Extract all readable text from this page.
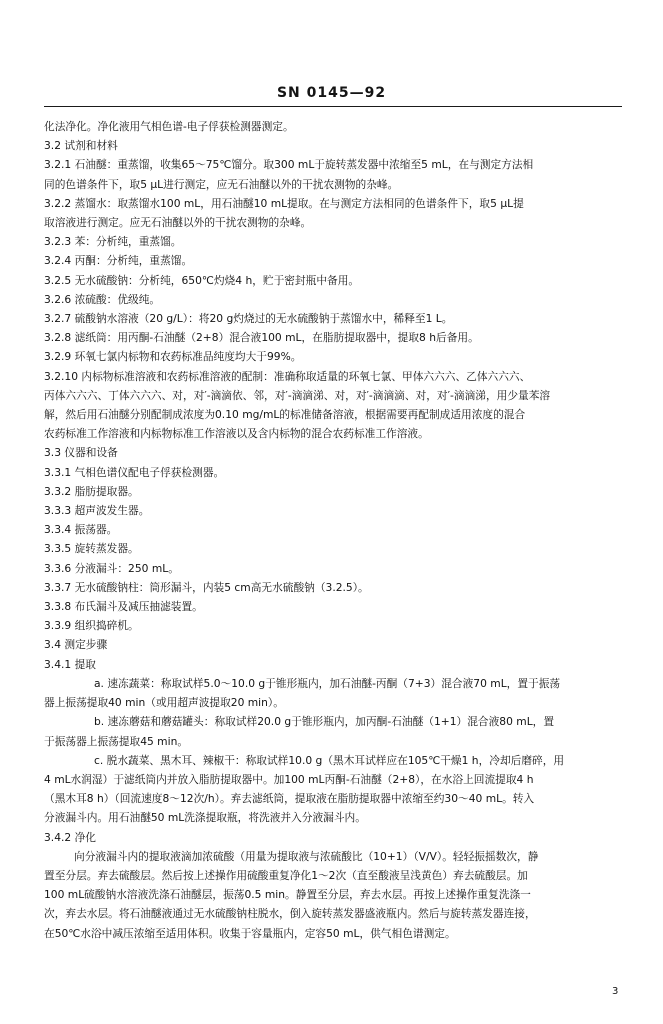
SN 0145—92
化法净化。净化液用气相色谱-电子俘获检测器测定。
3.2 试剂和材料
3.2.1 石油醚：重蒸馏，收集65～75℃馏分。取300 mL于旋转蒸发器中浓缩至5 mL，在与测定方法相
同的色谱条件下，取5 μL进行测定，应无石油醚以外的干扰农测物的杂峰。
3.2.2 蒸馏水：取蒸馏水100 mL，用石油醚10 mL提取。在与测定方法相同的色谱条件下，取5 μL提
取溶液进行测定。应无石油醚以外的干扰农测物的杂峰。
3.2.3 苯：分析纯，重蒸馏。
3.2.4 丙酮：分析纯，重蒸馏。
3.2.5 无水硫酸钠：分析纯，650℃灼烧4 h，贮于密封瓶中备用。
3.2.6 浓硫酸：优级纯。
3.2.7 硫酸钠水溶液（20 g/L）：将20 g灼烧过的无水硫酸钠于蒸馏水中，稀释至1 L。
3.2.8 滤纸筒：用丙酮-石油醚（2+8）混合液100 mL，在脂肪提取器中，提取8 h后备用。
3.2.9 环氧七氯内标物和农药标准品纯度均大于99%。
3.2.10 内标物标准溶液和农药标准溶液的配制：准确称取适量的环氧七氯、甲体六六六、乙体六六六、
丙体六六六、丁体六六六、对，对′-滴滴依、邻，对′-滴滴涕、对，对′-滴滴滴、对，对′-滴滴涕，用少量苯溶
解，然后用石油醚分别配制成浓度为0.10 mg/mL的标准储备溶液，根据需要再配制成适用浓度的混合
农药标准工作溶液和内标物标准工作溶液以及含内标物的混合农药标准工作溶液。
3.3 仪器和设备
3.3.1 气相色谱仪配电子俘获检测器。
3.3.2 脂肪提取器。
3.3.3 超声波发生器。
3.3.4 振荡器。
3.3.5 旋转蒸发器。
3.3.6 分液漏斗：250 mL。
3.3.7 无水硫酸钠柱：筒形漏斗，内装5 cm高无水硫酸钠（3.2.5）。
3.3.8 布氏漏斗及减压抽滤装置。
3.3.9 组织捣碎机。
3.4 测定步骤
3.4.1 提取
a. 速冻蔬菜：称取试样5.0～10.0 g于锥形瓶内，加石油醚-丙酮（7+3）混合液70 mL，置于振荡
器上振荡提取40 min（或用超声波提取20 min）。
b. 速冻蘑菇和蘑菇罐头：称取试样20.0 g于锥形瓶内，加丙酮-石油醚（1+1）混合液80 mL，置
于振荡器上振荡提取45 min。
c. 脱水蔬菜、黑木耳、辣椒干：称取试样10.0 g（黑木耳试样应在105℃干燥1 h，冷却后磨碎，用
4 mL水润湿）于滤纸筒内并放入脂肪提取器中。加100 mL丙酮-石油醚（2+8），在水浴上回流提取4 h
（黑木耳8 h）（回流速度8～12次/h）。弃去滤纸筒，提取液在脂肪提取器中浓缩至约30～40 mL。转入
分液漏斗内。用石油醚50 mL洗涤提取瓶，将洗液并入分液漏斗内。
3.4.2 净化
向分液漏斗内的提取液滴加浓硫酸（用量为提取液与浓硫酸比（10+1）（V/V）。轻轻振摇数次，静
置至分层。弃去硫酸层。然后按上述操作用硫酸重复净化1～2次（直至酸液呈浅黄色）弃去硫酸层。加
100 mL硫酸钠水溶液洗涤石油醚层，振荡0.5 min。静置至分层，弃去水层。再按上述操作重复洗涤一
次，弃去水层。将石油醚液通过无水硫酸钠柱脱水，倒入旋转蒸发器盛液瓶内。然后与旋转蒸发器连接，
在50℃水浴中减压浓缩至适用体积。收集于容量瓶内，定容50 mL，供气相色谱测定。
3
